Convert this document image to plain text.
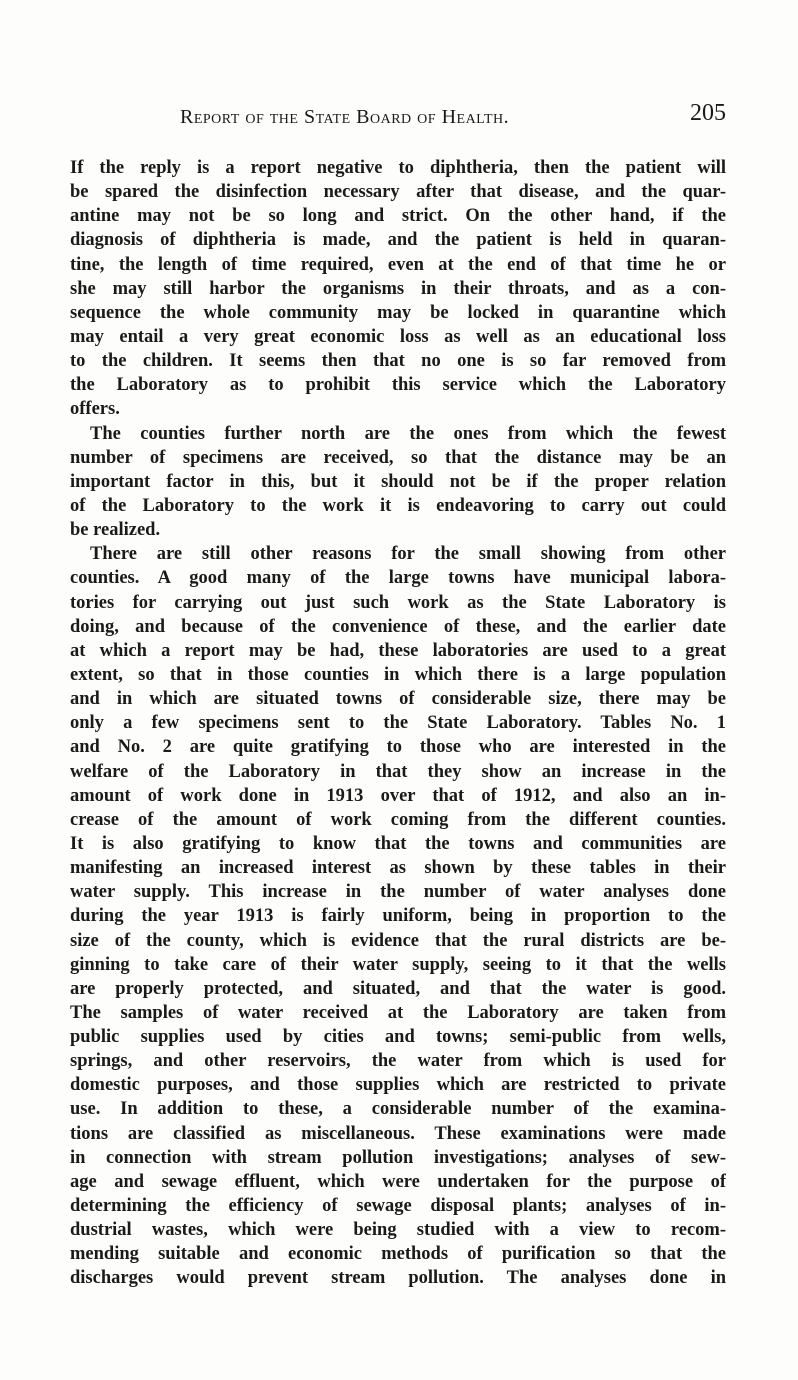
Report of the State Board of Health.	205
If the reply is a report negative to diphtheria, then the patient will
be spared the disinfection necessary after that disease, and the quar-
antine may not be so long and strict. On the other hand, if the
diagnosis of diphtheria is made, and the patient is held in quaran-
tine, the length of time required, even at the end of that time he or
she may still harbor the organisms in their throats, and as a con-
sequence the whole community may be locked in quarantine which
may entail a very great economic loss as well as an educational loss
to the children. It seems then that no one is so far removed from
the Laboratory as to prohibit this service which the Laboratory
offers.
The counties further north are the ones from which the fewest
number of specimens are received, so that the distance may be an
important factor in this, but it should not be if the proper relation
of the Laboratory to the work it is endeavoring to carry out could
be realized.
There are still other reasons for the small showing from other
counties. A good many of the large towns have municipal labora-
tories for carrying out just such work as the State Laboratory is
doing, and because of the convenience of these, and the earlier date
at which a report may be had, these laboratories are used to a great
extent, so that in those counties in which there is a large population
and in which are situated towns of considerable size, there may be
only a few specimens sent to the State Laboratory. Tables No. 1
and No. 2 are quite gratifying to those who are interested in the
welfare of the Laboratory in that they show an increase in the
amount of work done in 1913 over that of 1912, and also an in-
crease of the amount of work coming from the different counties.
It is also gratifying to know that the towns and communities are
manifesting an increased interest as shown by these tables in their
water supply. This increase in the number of water analyses done
during the year 1913 is fairly uniform, being in proportion to the
size of the county, which is evidence that the rural districts are be-
ginning to take care of their water supply, seeing to it that the wells
are properly protected, and situated, and that the water is good.
The samples of water received at the Laboratory are taken from
public supplies used by cities and towns; semi-public from wells,
springs, and other reservoirs, the water from which is used for
domestic purposes, and those supplies which are restricted to private
use. In addition to these, a considerable number of the examina-
tions are classified as miscellaneous. These examinations were made
in connection with stream pollution investigations; analyses of sew-
age and sewage effluent, which were undertaken for the purpose of
determining the efficiency of sewage disposal plants; analyses of in-
dustrial wastes, which were being studied with a view to recom-
mending suitable and economic methods of purification so that the
discharges would prevent stream pollution. The analyses done in
